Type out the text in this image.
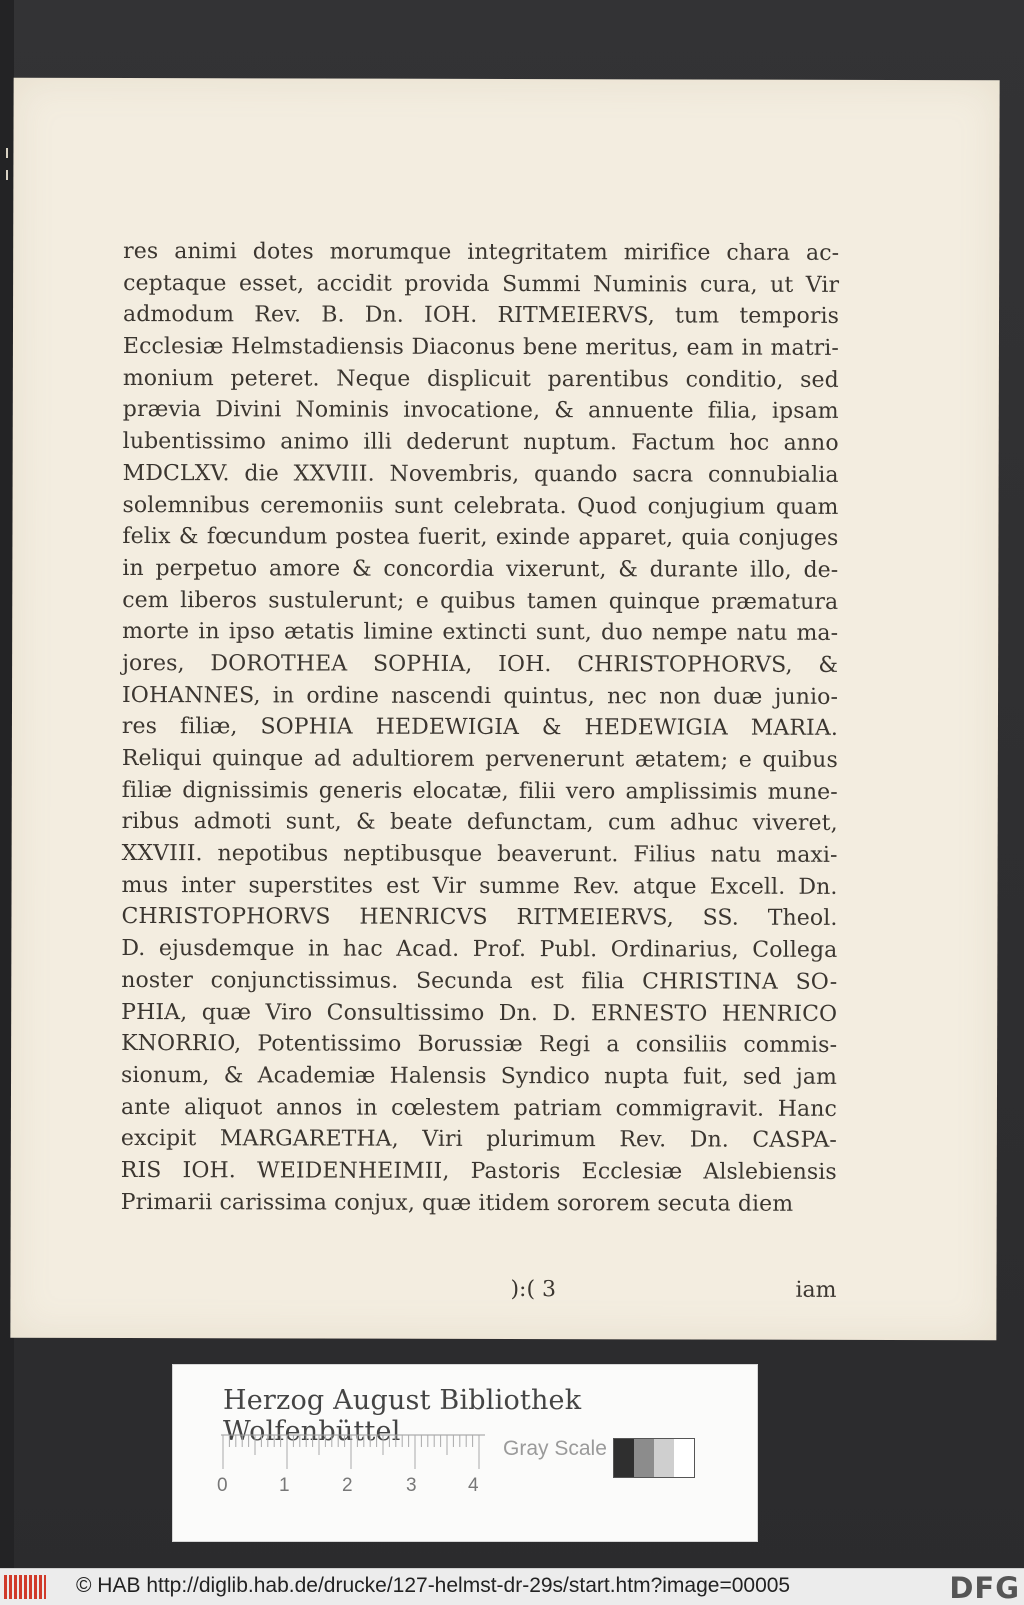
res animi dotes morumque integritatem mirifice chara ac-
ceptaque esset, accidit provida Summi Numinis cura, ut Vir
admodum Rev. B. Dn. IOH. RITMEIERVS, tum temporis
Ecclesiæ Helmstadiensis Diaconus bene meritus, eam in matri-
monium peteret. Neque displicuit parentibus conditio, sed
prævia Divini Nominis invocatione, & annuente filia, ipsam
lubentissimo animo illi dederunt nuptum. Factum hoc anno
MDCLXV. die XXVIII. Novembris, quando sacra connubialia
solemnibus ceremoniis sunt celebrata. Quod conjugium quam
felix & fœcundum postea fuerit, exinde apparet, quia conjuges
in perpetuo amore & concordia vixerunt, & durante illo, de-
cem liberos sustulerunt; e quibus tamen quinque præmatura
morte in ipso ætatis limine extincti sunt, duo nempe natu ma-
jores, DOROTHEA SOPHIA, IOH. CHRISTOPHORVS, &
IOHANNES, in ordine nascendi quintus, nec non duæ junio-
res filiæ, SOPHIA HEDEWIGIA & HEDEWIGIA MARIA.
Reliqui quinque ad adultiorem pervenerunt ætatem; e quibus
filiæ dignissimis generis elocatæ, filii vero amplissimis mune-
ribus admoti sunt, & beate defunctam, cum adhuc viveret,
XXVIII. nepotibus neptibusque beaverunt. Filius natu maxi-
mus inter superstites est Vir summe Rev. atque Excell. Dn.
CHRISTOPHORVS HENRICVS RITMEIERVS, SS. Theol.
D. ejusdemque in hac Acad. Prof. Publ. Ordinarius, Collega
noster conjunctissimus. Secunda est filia CHRISTINA SO-
PHIA, quæ Viro Consultissimo Dn. D. ERNESTO HENRICO
KNORRIO, Potentissimo Borussiæ Regi a consiliis commis-
sionum, & Academiæ Halensis Syndico nupta fuit, sed jam
ante aliquot annos in cœlestem patriam commigravit. Hanc
excipit MARGARETHA, Viri plurimum Rev. Dn. CASPA-
RIS IOH. WEIDENHEIMII, Pastoris Ecclesiæ Alslebiensis
Primarii carissima conjux, quæ itidem sororem secuta diem
):( 3	iam
Herzog August Bibliothek Wolfenbüttel
0	1	2	3	4
Gray Scale
© HAB http://diglib.hab.de/drucke/127-helmst-dr-29s/start.htm?image=00005	DFG
